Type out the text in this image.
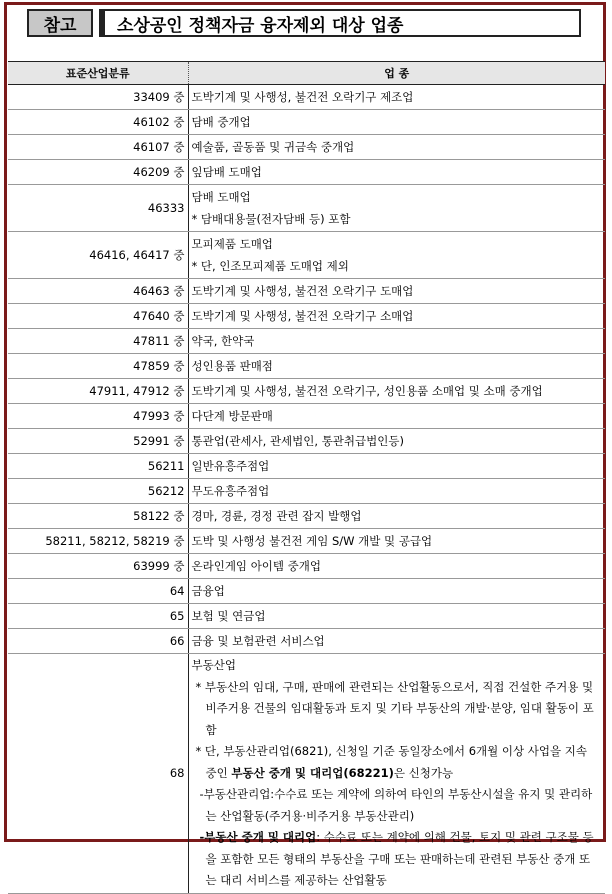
참고	소상공인 정책자금 융자제외 대상 업종
표준산업분류	업 종
33409 중	도박기계 및 사행성, 불건전 오락기구 제조업

46102 중	담배 중개업

46107 중	예술품, 골동품 및 귀금속 중개업

46209 중	잎담배 도매업

46333	담배 도매업
* 담배대용물(전자담배 등) 포함

46416, 46417 중	모피제품 도매업
* 단, 인조모피제품 도매업 제외

46463 중	도박기계 및 사행성, 불건전 오락기구 도매업

47640 중	도박기계 및 사행성, 불건전 오락기구 소매업

47811 중	약국, 한약국

47859 중	성인용품 판매점

47911, 47912 중	도박기계 및 사행성, 불건전 오락기구, 성인용품 소매업 및 소매 중개업

47993 중	다단계 방문판매

52991 중	통관업(관세사, 관세법인, 통관취급법인등)

56211	일반유흥주점업

56212	무도유흥주점업

58122 중	경마, 경륜, 경정 관련 잡지 발행업

58211, 58212, 58219 중	도박 및 사행성 불건전 게임 S/W 개발 및 공급업

63999 중	온라인게임 아이템 중개업

64	금융업

65	보험 및 연금업

66	금융 및 보험관련 서비스업

68	부동산업
* 부동산의 임대, 구매, 판매에 관련되는 산업활동으로서, 직접 건설한 주거용 및 비주거용 건물의 임대활동과 토지 및 기타 부동산의 개발·분양, 임대 활동이 포함
* 단, 부동산관리업(6821), 신청일 기준 동일장소에서 6개월 이상 사업을 지속 중인 부동산 중개 및 대리업(68221)은 신청가능
-부동산관리업:수수료 또는 계약에 의하여 타인의 부동산시설을 유지 및 관리하는 산업활동(주거용·비주거용 부동산관리)
-부동산 중개 및 대리업: 수수료 또는 계약에 의해 건물, 토지 및 관련 구조물 등을 포함한 모든 형태의 부동산을 구매 또는 판매하는데 관련된 부동산 중개 또는 대리 서비스를 제공하는 산업활동
